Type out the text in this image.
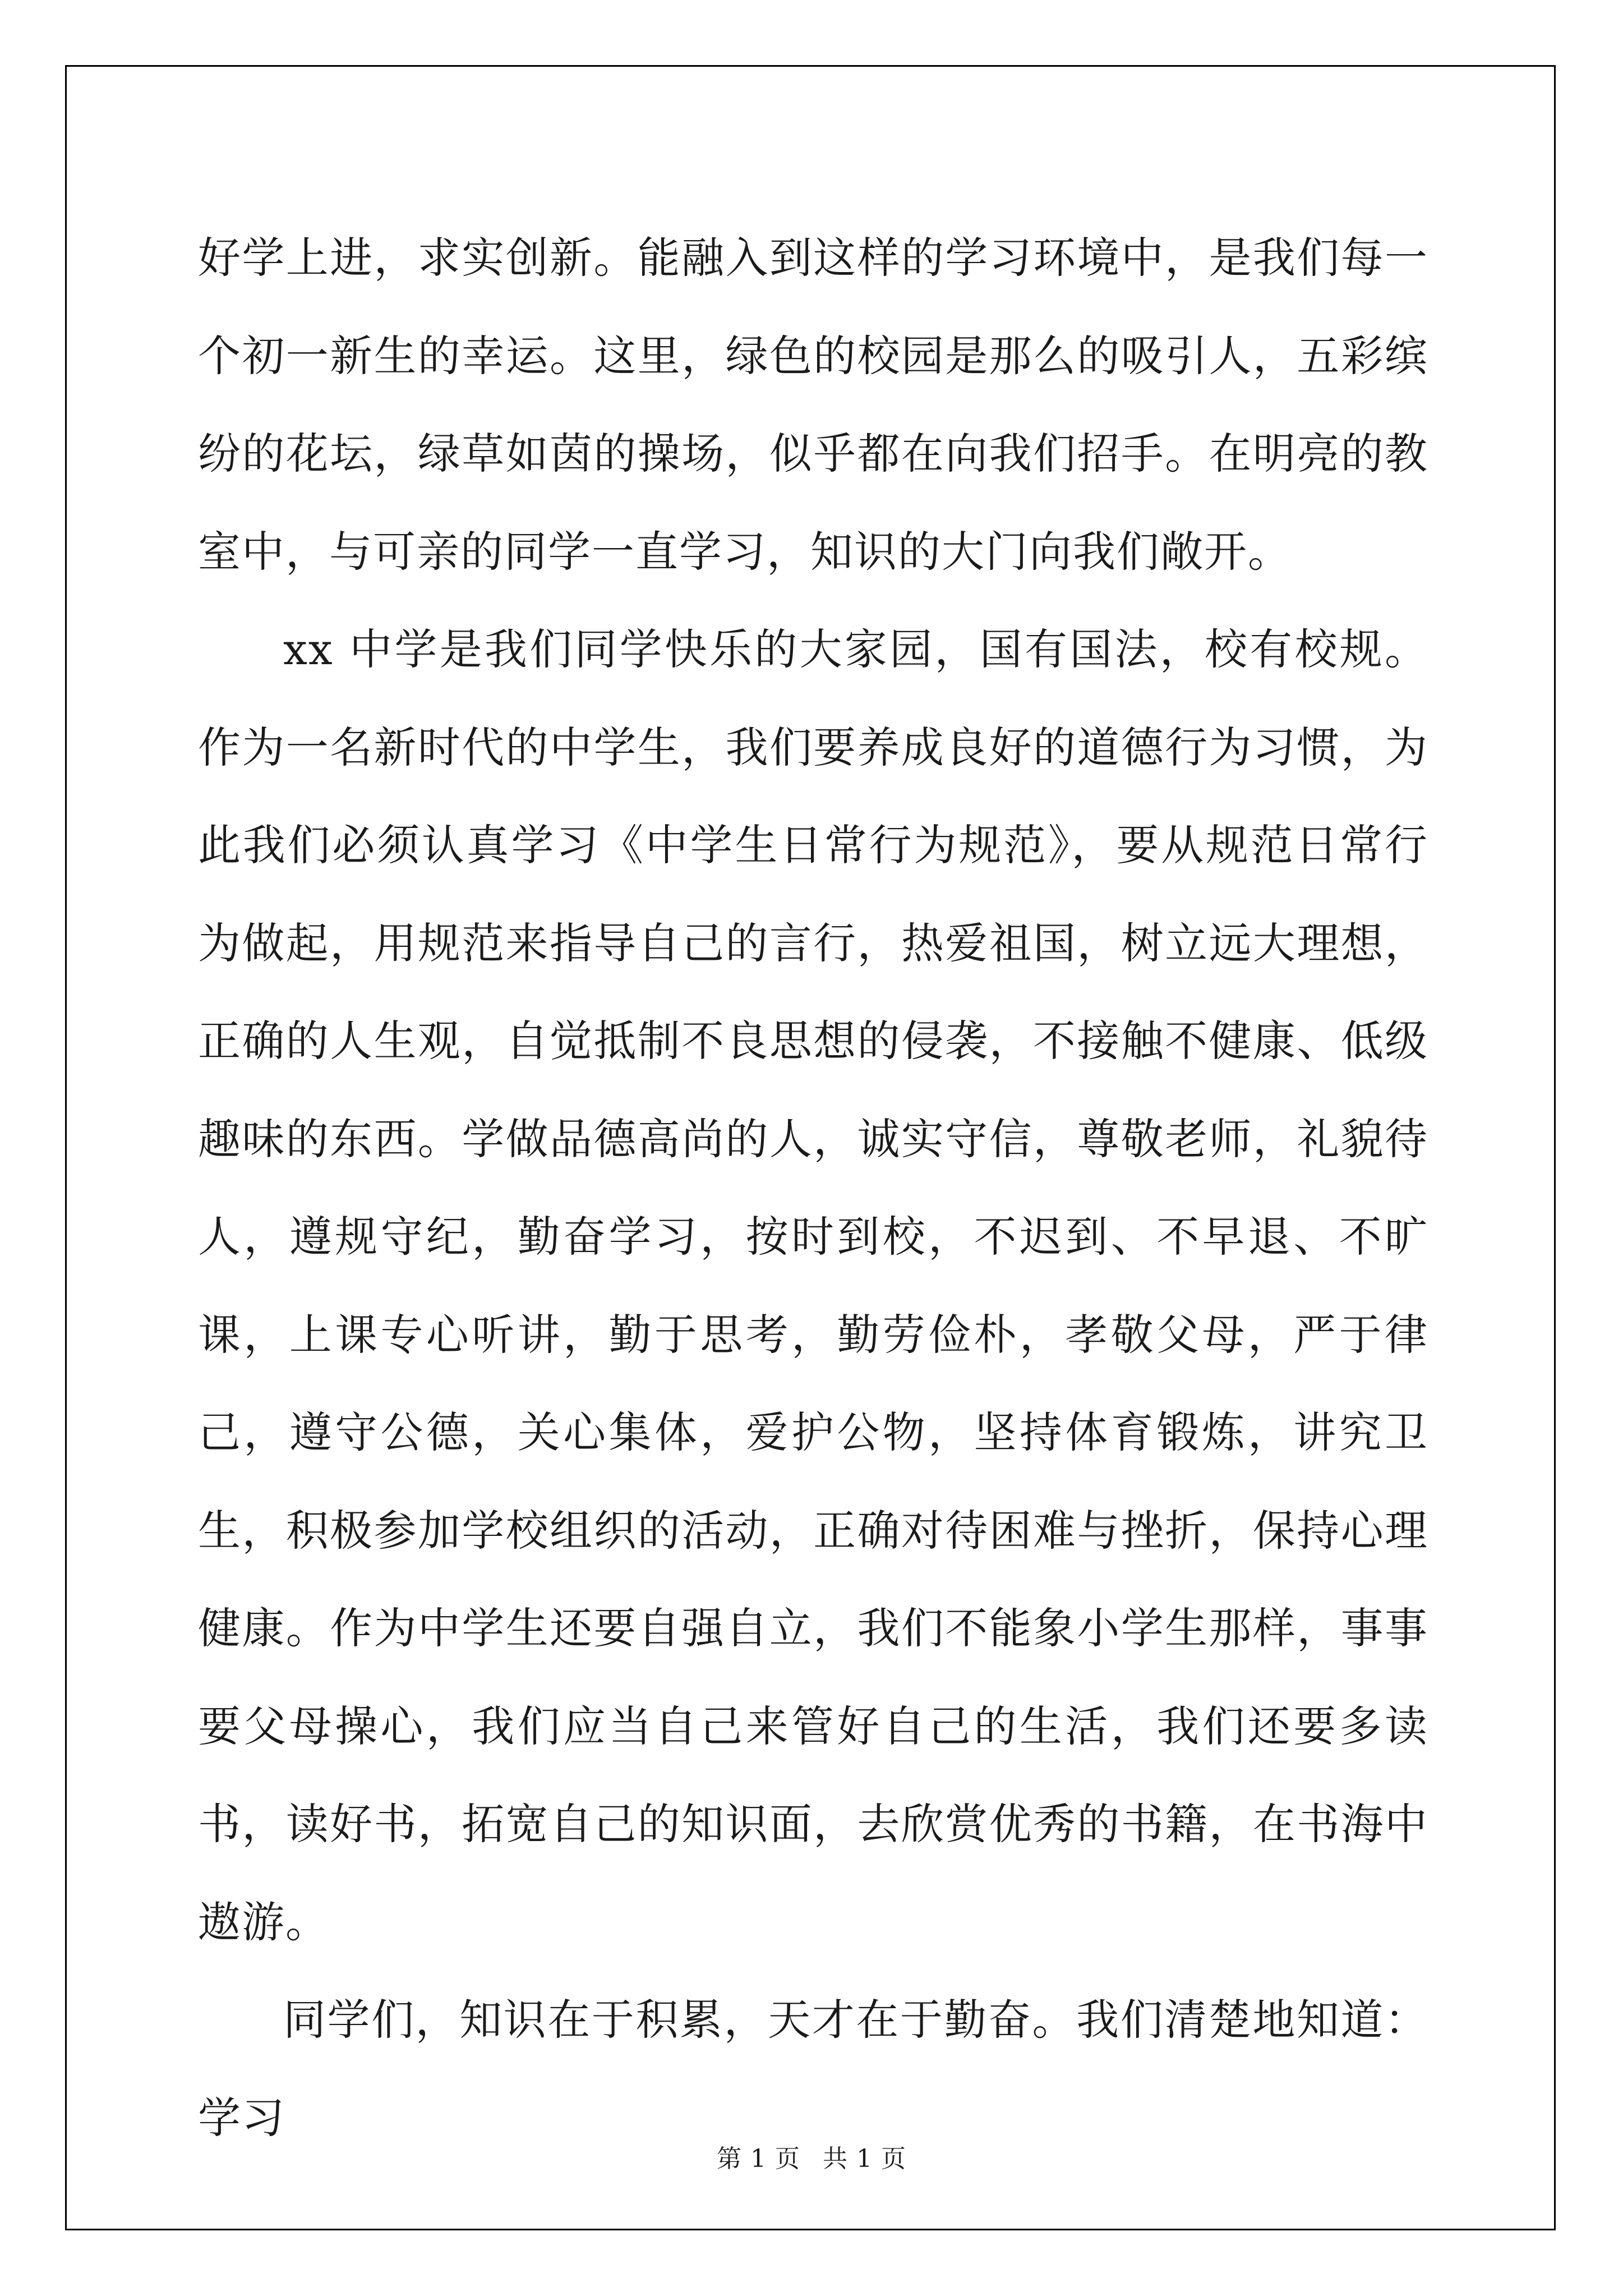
好学上进，求实创新。能融入到这样的学习环境中，是我们每一个初一新生的幸运。这里，绿色的校园是那么的吸引人，五彩缤纷的花坛，绿草如茵的操场，似乎都在向我们招手。在明亮的教室中，与可亲的同学一直学习，知识的大门向我们敞开。

xx 中学是我们同学快乐的大家园，国有国法，校有校规。作为一名新时代的中学生，我们要养成良好的道德行为习惯，为此我们必须认真学习《中学生日常行为规范》，要从规范日常行为做起，用规范来指导自己的言行，热爱祖国，树立远大理想，正确的人生观，自觉抵制不良思想的侵袭，不接触不健康、低级趣味的东西。学做品德高尚的人，诚实守信，尊敬老师，礼貌待人，遵规守纪，勤奋学习，按时到校，不迟到、不早退、不旷课，上课专心听讲，勤于思考，勤劳俭朴，孝敬父母，严于律己，遵守公德，关心集体，爱护公物，坚持体育锻炼，讲究卫生，积极参加学校组织的活动，正确对待困难与挫折，保持心理健康。作为中学生还要自强自立，我们不能象小学生那样，事事要父母操心，我们应当自己来管好自己的生活，我们还要多读书，读好书，拓宽自己的知识面，去欣赏优秀的书籍，在书海中遨游。

同学们，知识在于积累，天才在于勤奋。我们清楚地知道：学习

第 1 页 共 1 页
